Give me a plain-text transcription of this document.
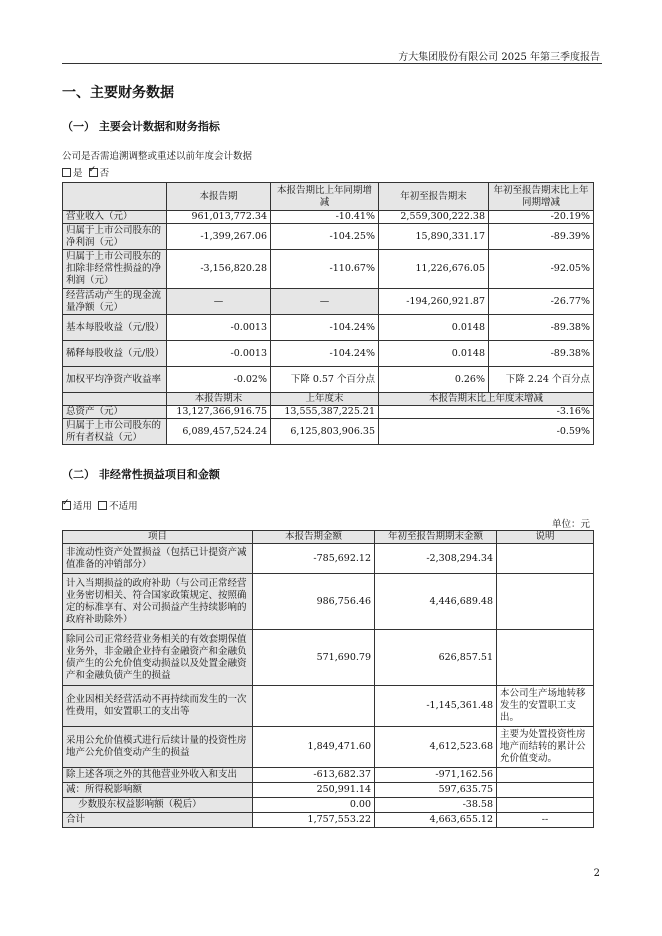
方大集团股份有限公司 2025 年第三季度报告
一、主要财务数据
（一） 主要会计数据和财务指标
公司是否需追溯调整或重述以前年度会计数据
是 ✓ 否
	本报告期	本报告期比上年同期增减	年初至报告期末	年初至报告期末比上年同期增减
营业收入（元）	961,013,772.34	-10.41%	2,559,300,222.38	-20.19%
归属于上市公司股东的净利润（元）	-1,399,267.06	-104.25%	15,890,331.17	-89.39%
归属于上市公司股东的扣除非经常性损益的净利润（元）	-3,156,820.28	-110.67%	11,226,676.05	-92.05%
经营活动产生的现金流量净额（元）	—	—	-194,260,921.87	-26.77%
基本每股收益（元/股）	-0.0013	-104.24%	0.0148	-89.38%
稀释每股收益（元/股）	-0.0013	-104.24%	0.0148	-89.38%
加权平均净资产收益率	-0.02%	下降 0.57 个百分点	0.26%	下降 2.24 个百分点
	本报告期末	上年度末	本报告期末比上年度末增减	
总资产（元）	13,127,366,916.75	13,555,387,225.21	-3.16%	
归属于上市公司股东的所有者权益（元）	6,089,457,524.24	6,125,803,906.35	-0.59%	
（二） 非经常性损益项目和金额
✓适用 不适用
单位：元
项目	本报告期金额	年初至报告期期末金额	说明
非流动性资产处置损益（包括已计提资产减值准备的冲销部分）	-785,692.12	-2,308,294.34	
计入当期损益的政府补助（与公司正常经营业务密切相关、符合国家政策规定、按照确定的标准享有、对公司损益产生持续影响的政府补助除外）	986,756.46	4,446,689.48	
除同公司正常经营业务相关的有效套期保值业务外，非金融企业持有金融资产和金融负债产生的公允价值变动损益以及处置金融资产和金融负债产生的损益	571,690.79	626,857.51	
企业因相关经营活动不再持续而发生的一次性费用，如安置职工的支出等		-1,145,361.48	本公司生产场地转移发生的安置职工支出。
采用公允价值模式进行后续计量的投资性房地产公允价值变动产生的损益	1,849,471.60	4,612,523.68	主要为处置投资性房地产而结转的累计公允价值变动。
除上述各项之外的其他营业外收入和支出	-613,682.37	-971,162.56	
减：所得税影响额	250,991.14	597,635.75	
少数股东权益影响额（税后）	0.00	-38.58	
合计	1,757,553.22	4,663,655.12	--
2
